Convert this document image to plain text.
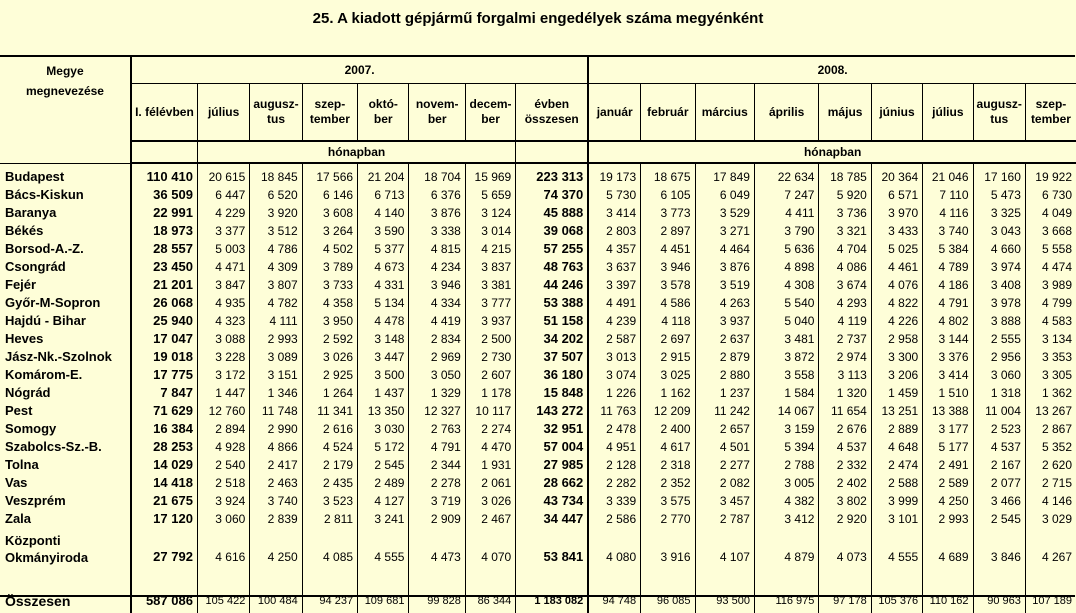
25. A kiadott gépjármű forgalmi engedélyek száma megyénként
Megye megnevezése	2007.								2008.								

	I. félévben	július	augusz-tus	szep-tember	októ-ber	novem-ber	decem-ber	évben összesen	január	február	március	április	május	június	július	augusz-tus	szep-tember

		hónapban							hónapban								
Budapest	110 410	20 615	18 845	17 566	21 204	18 704	15 969	223 313	19 173	18 675	17 849	22 634	18 785	20 364	21 046	17 160	19 922
Bács-Kiskun	36 509	6 447	6 520	6 146	6 713	6 376	5 659	74 370	5 730	6 105	6 049	7 247	5 920	6 571	7 110	5 473	6 730
Baranya	22 991	4 229	3 920	3 608	4 140	3 876	3 124	45 888	3 414	3 773	3 529	4 411	3 736	3 970	4 116	3 325	4 049
Békés	18 973	3 377	3 512	3 264	3 590	3 338	3 014	39 068	2 803	2 897	3 271	3 790	3 321	3 433	3 740	3 043	3 668
Borsod-A.-Z.	28 557	5 003	4 786	4 502	5 377	4 815	4 215	57 255	4 357	4 451	4 464	5 636	4 704	5 025	5 384	4 660	5 558
Csongrád	23 450	4 471	4 309	3 789	4 673	4 234	3 837	48 763	3 637	3 946	3 876	4 898	4 086	4 461	4 789	3 974	4 474
Fejér	21 201	3 847	3 807	3 733	4 331	3 946	3 381	44 246	3 397	3 578	3 519	4 308	3 674	4 076	4 186	3 408	3 989
Győr-M-Sopron	26 068	4 935	4 782	4 358	5 134	4 334	3 777	53 388	4 491	4 586	4 263	5 540	4 293	4 822	4 791	3 978	4 799
Hajdú - Bihar	25 940	4 323	4 111	3 950	4 478	4 419	3 937	51 158	4 239	4 118	3 937	5 040	4 119	4 226	4 802	3 888	4 583
Heves	17 047	3 088	2 993	2 592	3 148	2 834	2 500	34 202	2 587	2 697	2 637	3 481	2 737	2 958	3 144	2 555	3 134
Jász-Nk.-Szolnok	19 018	3 228	3 089	3 026	3 447	2 969	2 730	37 507	3 013	2 915	2 879	3 872	2 974	3 300	3 376	2 956	3 353
Komárom-E.	17 775	3 172	3 151	2 925	3 500	3 050	2 607	36 180	3 074	3 025	2 880	3 558	3 113	3 206	3 414	3 060	3 305
Nógrád	7 847	1 447	1 346	1 264	1 437	1 329	1 178	15 848	1 226	1 162	1 237	1 584	1 320	1 459	1 510	1 318	1 362
Pest	71 629	12 760	11 748	11 341	13 350	12 327	10 117	143 272	11 763	12 209	11 242	14 067	11 654	13 251	13 388	11 004	13 267
Somogy	16 384	2 894	2 990	2 616	3 030	2 763	2 274	32 951	2 478	2 400	2 657	3 159	2 676	2 889	3 177	2 523	2 867
Szabolcs-Sz.-B.	28 253	4 928	4 866	4 524	5 172	4 791	4 470	57 004	4 951	4 617	4 501	5 394	4 537	4 648	5 177	4 537	5 352
Tolna	14 029	2 540	2 417	2 179	2 545	2 344	1 931	27 985	2 128	2 318	2 277	2 788	2 332	2 474	2 491	2 167	2 620
Vas	14 418	2 518	2 463	2 435	2 489	2 278	2 061	28 662	2 282	2 352	2 082	3 005	2 402	2 588	2 589	2 077	2 715
Veszprém	21 675	3 924	3 740	3 523	4 127	3 719	3 026	43 734	3 339	3 575	3 457	4 382	3 802	3 999	4 250	3 466	4 146
Zala	17 120	3 060	2 839	2 811	3 241	2 909	2 467	34 447	2 586	2 770	2 787	3 412	2 920	3 101	2 993	2 545	3 029
Központi Okmányiroda	27 792	4 616	4 250	4 085	4 555	4 473	4 070	53 841	4 080	3 916	4 107	4 879	4 073	4 555	4 689	3 846	4 267
Összesen	587 086	105 422	100 484	94 237	109 681	99 828	86 344	1 183 082	94 748	96 085	93 500	116 975	97 178	105 376	110 162	90 963	107 189
